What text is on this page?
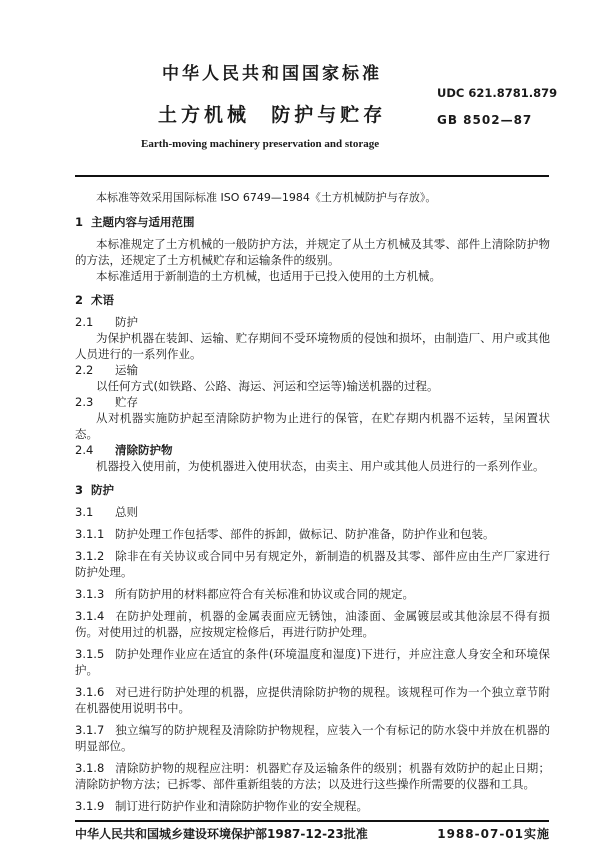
中华人民共和国国家标准
UDC 621.8781.879
土方机械  防护与贮存	GB 8502—87
Earth-moving machinery preservation and storage

本标准等效采用国际标准 ISO 6749—1984《土方机械防护与存放》。

1  主题内容与适用范围

本标准规定了土方机械的一般防护方法，并规定了从土方机械及其零、部件上清除防护物的方法，还规定了土方机械贮存和运输条件的级别。

本标准适用于新制造的土方机械，也适用于已投入使用的土方机械。

2  术语

2.1 防护

为保护机器在装卸、运输、贮存期间不受环境物质的侵蚀和损坏，由制造厂、用户或其他人员进行的一系列作业。

2.2 运输

以任何方式(如铁路、公路、海运、河运和空运等)输送机器的过程。

2.3 贮存

从对机器实施防护起至清除防护物为止进行的保管，在贮存期内机器不运转，呈闲置状态。

2.4 清除防护物

机器投入使用前，为使机器进入使用状态，由卖主、用户或其他人员进行的一系列作业。

3  防护

3.1 总则

3.1.1 防护处理工作包括零、部件的拆卸，做标记、防护准备，防护作业和包装。

3.1.2 除非在有关协议或合同中另有规定外，新制造的机器及其零、部件应由生产厂家进行防护处理。

3.1.3 所有防护用的材料都应符合有关标准和协议或合同的规定。

3.1.4 在防护处理前，机器的金属表面应无锈蚀，油漆面、金属镀层或其他涂层不得有损伤。对使用过的机器，应按规定检修后，再进行防护处理。

3.1.5 防护处理作业应在适宜的条件(环境温度和湿度)下进行，并应注意人身安全和环境保护。

3.1.6 对已进行防护处理的机器，应提供清除防护物的规程。该规程可作为一个独立章节附在机器使用说明书中。

3.1.7 独立编写的防护规程及清除防护物规程，应装入一个有标记的防水袋中并放在机器的明显部位。

3.1.8 清除防护物的规程应注明：机器贮存及运输条件的级别；机器有效防护的起止日期；清除防护物方法；已拆零、部件重新组装的方法；以及进行这些操作所需要的仪器和工具。

3.1.9 制订进行防护作业和清除防护物作业的安全规程。

中华人民共和国城乡建设环境保护部1987-12-23批准	1988-07-01实施
